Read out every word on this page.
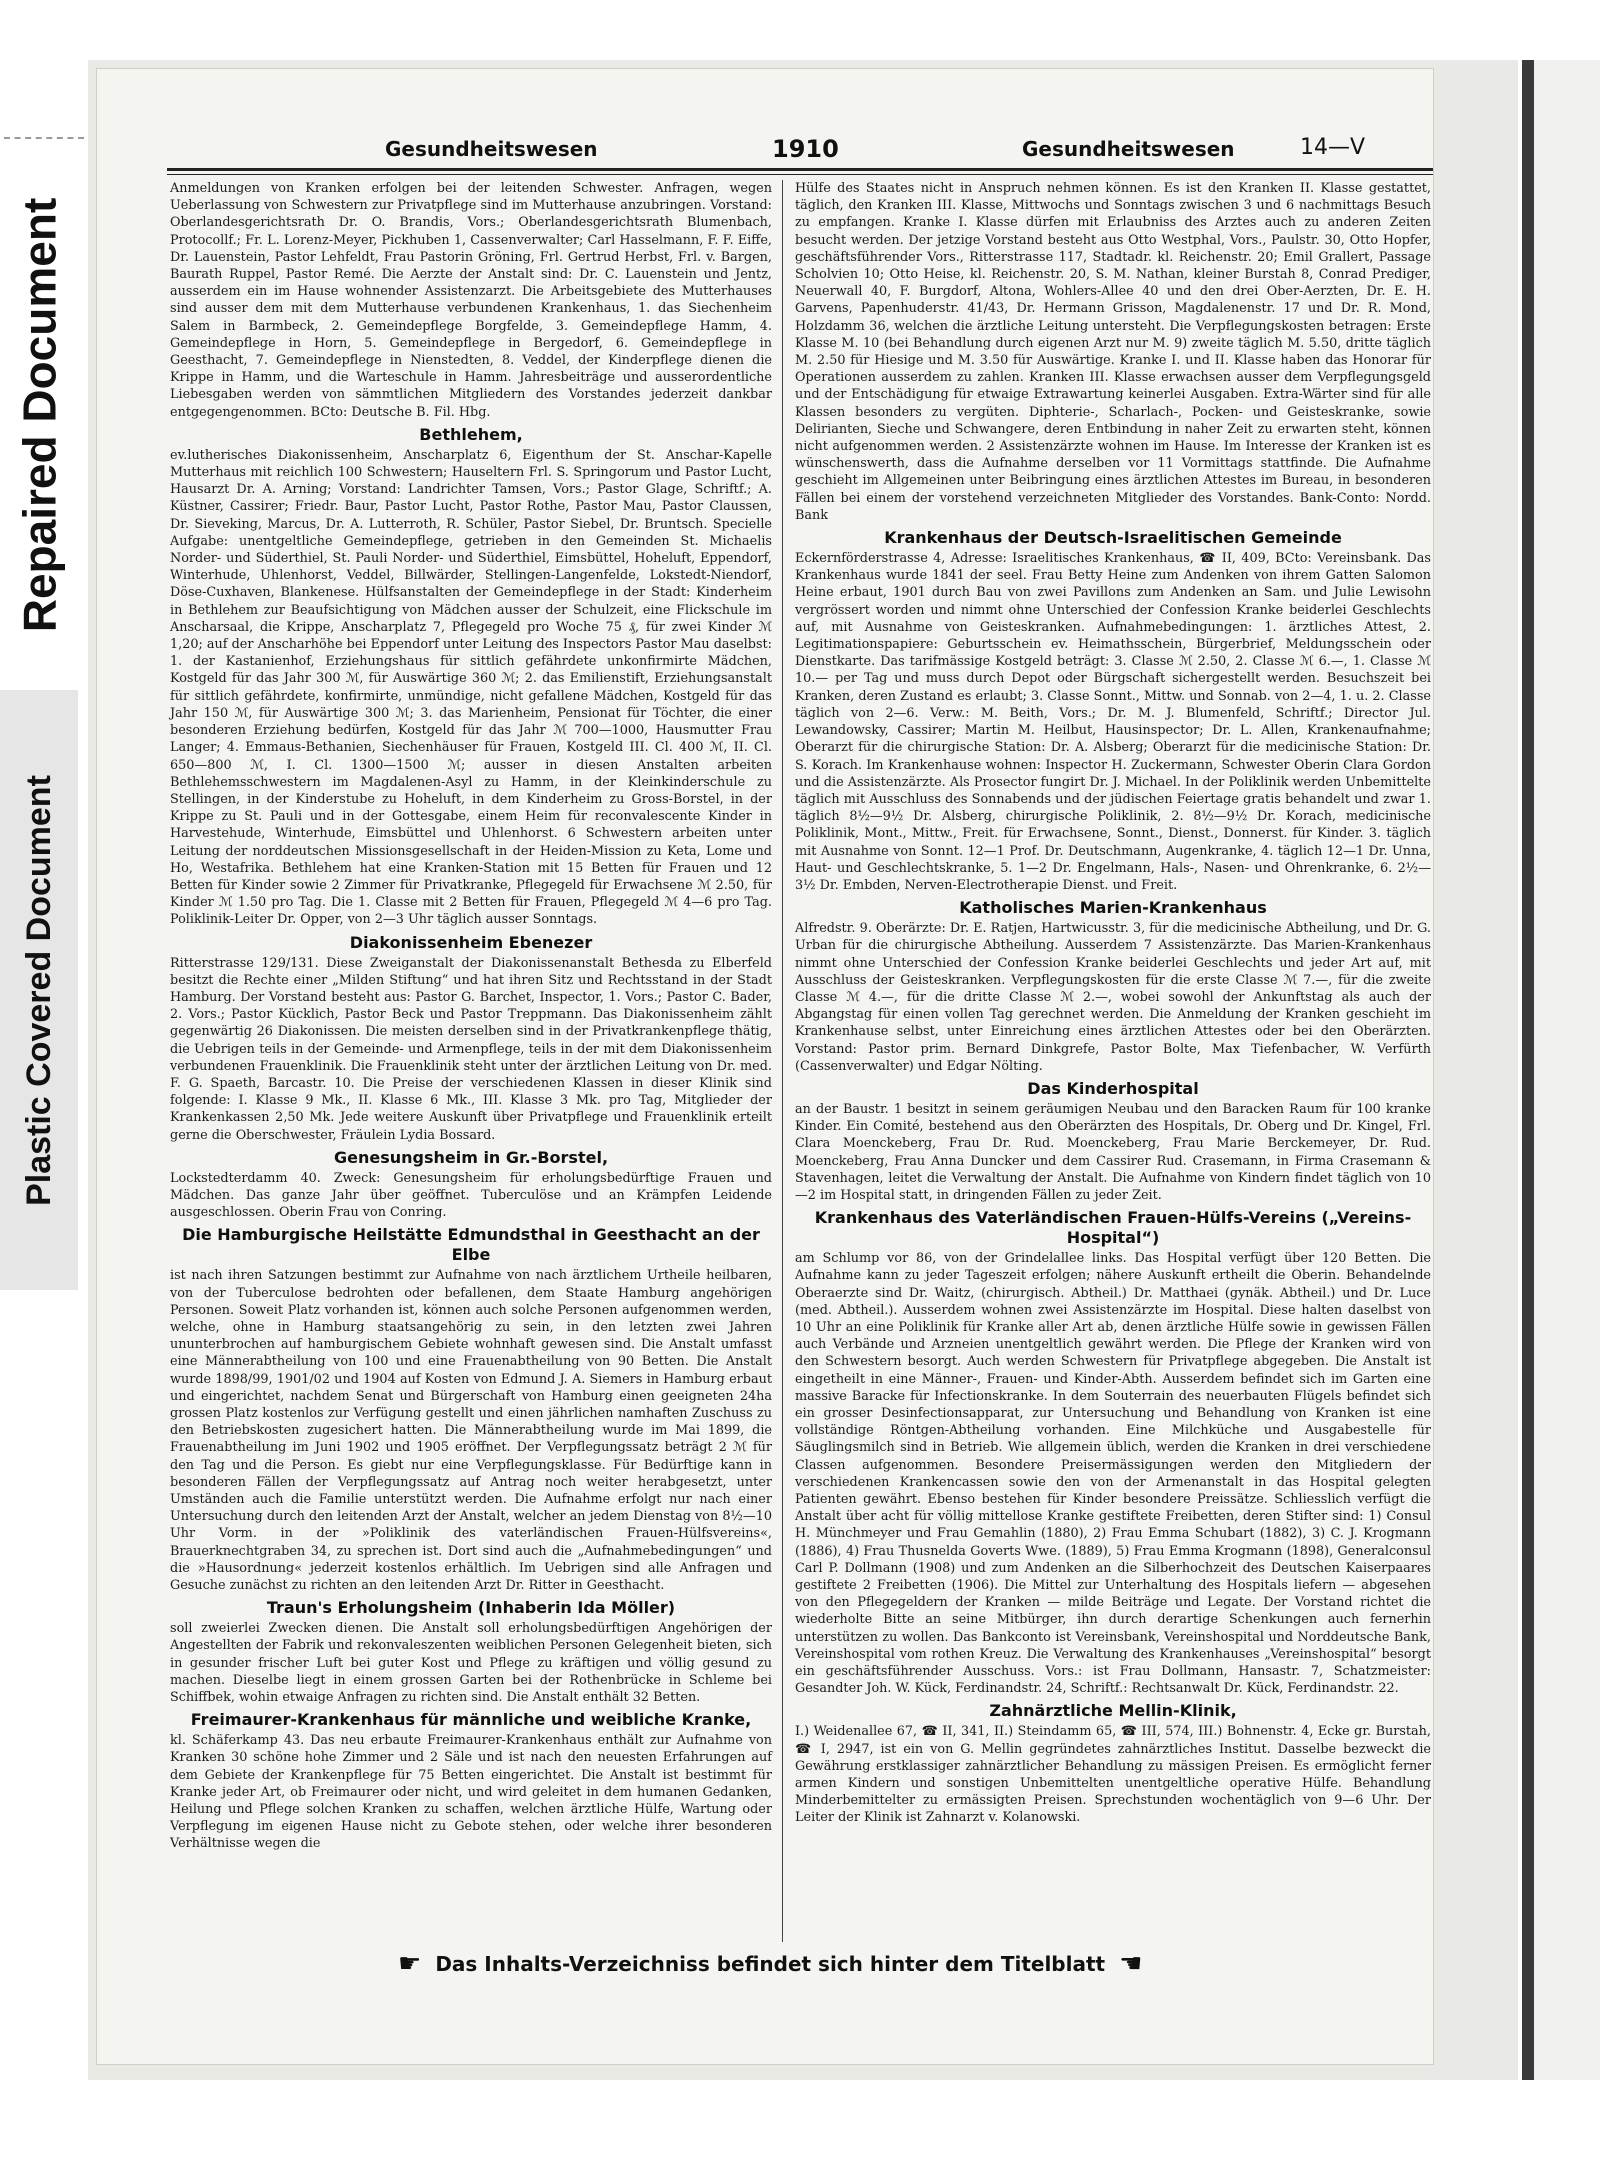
Repaired Document
Plastic Covered Document
Gesundheitswesen	1910	Gesundheitswesen	14—V

Anmeldungen von Kranken erfolgen bei der leitenden Schwester. Anfragen, wegen Ueberlassung von Schwestern zur Privatpflege sind im Mutterhause anzubringen. Vorstand: Oberlandesgerichtsrath Dr. O. Brandis, Vors.; Oberlandesgerichtsrath Blumenbach, Protocollf.; Fr. L. Lorenz-Meyer, Pickhuben 1, Cassenverwalter; Carl Hasselmann, F. F. Eiffe, Dr. Lauenstein, Pastor Lehfeldt, Frau Pastorin Gröning, Frl. Gertrud Herbst, Frl. v. Bargen, Baurath Ruppel, Pastor Remé. Die Aerzte der Anstalt sind: Dr. C. Lauenstein und Jentz, ausserdem ein im Hause wohnender Assistenzarzt. Die Arbeitsgebiete des Mutterhauses sind ausser dem mit dem Mutterhause verbundenen Krankenhaus, 1. das Siechenheim Salem in Barmbeck, 2. Gemeindepflege Borgfelde, 3. Gemeindepflege Hamm, 4. Gemeindepflege in Horn, 5. Gemeindepflege in Bergedorf, 6. Gemeindepflege in Geesthacht, 7. Gemeindepflege in Nienstedten, 8. Veddel, der Kinderpflege dienen die Krippe in Hamm, und die Warteschule in Hamm. Jahresbeiträge und ausserordentliche Liebesgaben werden von sämmtlichen Mitgliedern des Vorstandes jederzeit dankbar entgegengenommen. BCto: Deutsche B. Fil. Hbg.

Bethlehem,

ev.lutherisches Diakonissenheim, Anscharplatz 6, Eigenthum der St. Anschar-Kapelle Mutterhaus mit reichlich 100 Schwestern; Hauseltern Frl. S. Springorum und Pastor Lucht, Hausarzt Dr. A. Arning; Vorstand: Landrichter Tamsen, Vors.; Pastor Glage, Schriftf.; A. Küstner, Cassirer; Friedr. Baur, Pastor Lucht, Pastor Rothe, Pastor Mau, Pastor Claussen, Dr. Sieveking, Marcus, Dr. A. Lutterroth, R. Schüler, Pastor Siebel, Dr. Bruntsch. Specielle Aufgabe: unentgeltliche Gemeindepflege, getrieben in den Gemeinden St. Michaelis Norder- und Süderthiel, St. Pauli Norder- und Süderthiel, Eimsbüttel, Hoheluft, Eppendorf, Winterhude, Uhlenhorst, Veddel, Billwärder, Stellingen-Langenfelde, Lokstedt-Niendorf, Döse-Cuxhaven, Blankenese. Hülfsanstalten der Gemeindepflege in der Stadt: Kinderheim in Bethlehem zur Beaufsichtigung von Mädchen ausser der Schulzeit, eine Flickschule im Anscharsaal, die Krippe, Anscharplatz 7, Pflegegeld pro Woche 75 ₰, für zwei Kinder ℳ 1,20; auf der Anscharhöhe bei Eppendorf unter Leitung des Inspectors Pastor Mau daselbst: 1. der Kastanienhof, Erziehungshaus für sittlich gefährdete unkonfirmirte Mädchen, Kostgeld für das Jahr 300 ℳ, für Auswärtige 360 ℳ; 2. das Emilienstift, Erziehungsanstalt für sittlich gefährdete, konfirmirte, unmündige, nicht gefallene Mädchen, Kostgeld für das Jahr 150 ℳ, für Auswärtige 300 ℳ; 3. das Marienheim, Pensionat für Töchter, die einer besonderen Erziehung bedürfen, Kostgeld für das Jahr ℳ 700—1000, Hausmutter Frau Langer; 4. Emmaus-Bethanien, Siechenhäuser für Frauen, Kostgeld III. Cl. 400 ℳ, II. Cl. 650—800 ℳ, I. Cl. 1300—1500 ℳ; ausser in diesen Anstalten arbeiten Bethlehemsschwestern im Magdalenen-Asyl zu Hamm, in der Kleinkinderschule zu Stellingen, in der Kinderstube zu Hoheluft, in dem Kinderheim zu Gross-Borstel, in der Krippe zu St. Pauli und in der Gottesgabe, einem Heim für reconvalescente Kinder in Harvestehude, Winterhude, Eimsbüttel und Uhlenhorst. 6 Schwestern arbeiten unter Leitung der norddeutschen Missionsgesellschaft in der Heiden-Mission zu Keta, Lome und Ho, Westafrika. Bethlehem hat eine Kranken-Station mit 15 Betten für Frauen und 12 Betten für Kinder sowie 2 Zimmer für Privatkranke, Pflegegeld für Erwachsene ℳ 2.50, für Kinder ℳ 1.50 pro Tag. Die 1. Classe mit 2 Betten für Frauen, Pflegegeld ℳ 4—6 pro Tag. Poliklinik-Leiter Dr. Opper, von 2—3 Uhr täglich ausser Sonntags.

Diakonissenheim Ebenezer

Ritterstrasse 129/131. Diese Zweiganstalt der Diakonissenanstalt Bethesda zu Elberfeld besitzt die Rechte einer „Milden Stiftung“ und hat ihren Sitz und Rechtsstand in der Stadt Hamburg. Der Vorstand besteht aus: Pastor G. Barchet, Inspector, 1. Vors.; Pastor C. Bader, 2. Vors.; Pastor Kücklich, Pastor Beck und Pastor Treppmann. Das Diakonissenheim zählt gegenwärtig 26 Diakonissen. Die meisten derselben sind in der Privatkrankenpflege thätig, die Uebrigen teils in der Gemeinde- und Armenpflege, teils in der mit dem Diakonissenheim verbundenen Frauenklinik. Die Frauenklinik steht unter der ärztlichen Leitung von Dr. med. F. G. Spaeth, Barcastr. 10. Die Preise der verschiedenen Klassen in dieser Klinik sind folgende: I. Klasse 9 Mk., II. Klasse 6 Mk., III. Klasse 3 Mk. pro Tag, Mitglieder der Krankenkassen 2,50 Mk. Jede weitere Auskunft über Privatpflege und Frauenklinik erteilt gerne die Oberschwester, Fräulein Lydia Bossard.

Genesungsheim in Gr.-Borstel,

Lockstedterdamm 40. Zweck: Genesungsheim für erholungsbedürftige Frauen und Mädchen. Das ganze Jahr über geöffnet. Tuberculöse und an Krämpfen Leidende ausgeschlossen. Oberin Frau von Conring.

Die Hamburgische Heilstätte Edmundsthal in Geesthacht an der Elbe

ist nach ihren Satzungen bestimmt zur Aufnahme von nach ärztlichem Urtheile heilbaren, von der Tuberculose bedrohten oder befallenen, dem Staate Hamburg angehörigen Personen. Soweit Platz vorhanden ist, können auch solche Personen aufgenommen werden, welche, ohne in Hamburg staatsangehörig zu sein, in den letzten zwei Jahren ununterbrochen auf hamburgischem Gebiete wohnhaft gewesen sind. Die Anstalt umfasst eine Männerabtheilung von 100 und eine Frauenabtheilung von 90 Betten. Die Anstalt wurde 1898/99, 1901/02 und 1904 auf Kosten von Edmund J. A. Siemers in Hamburg erbaut und eingerichtet, nachdem Senat und Bürgerschaft von Hamburg einen geeigneten 24ha grossen Platz kostenlos zur Verfügung gestellt und einen jährlichen namhaften Zuschuss zu den Betriebskosten zugesichert hatten. Die Männerabtheilung wurde im Mai 1899, die Frauenabtheilung im Juni 1902 und 1905 eröffnet. Der Verpflegungssatz beträgt 2 ℳ für den Tag und die Person. Es giebt nur eine Verpflegungsklasse. Für Bedürftige kann in besonderen Fällen der Verpflegungssatz auf Antrag noch weiter herabgesetzt, unter Umständen auch die Familie unterstützt werden. Die Aufnahme erfolgt nur nach einer Untersuchung durch den leitenden Arzt der Anstalt, welcher an jedem Dienstag von 8½—10 Uhr Vorm. in der »Poliklinik des vaterländischen Frauen-Hülfsvereins«, Brauerknechtgraben 34, zu sprechen ist. Dort sind auch die „Aufnahmebedingungen“ und die »Hausordnung« jederzeit kostenlos erhältlich. Im Uebrigen sind alle Anfragen und Gesuche zunächst zu richten an den leitenden Arzt Dr. Ritter in Geesthacht.

Traun's Erholungsheim (Inhaberin Ida Möller)

soll zweierlei Zwecken dienen. Die Anstalt soll erholungsbedürftigen Angehörigen der Angestellten der Fabrik und rekonvaleszenten weiblichen Personen Gelegenheit bieten, sich in gesunder frischer Luft bei guter Kost und Pflege zu kräftigen und völlig gesund zu machen. Dieselbe liegt in einem grossen Garten bei der Rothenbrücke in Schleme bei Schiffbek, wohin etwaige Anfragen zu richten sind. Die Anstalt enthält 32 Betten.

Freimaurer-Krankenhaus für männliche und weibliche Kranke,

kl. Schäferkamp 43. Das neu erbaute Freimaurer-Krankenhaus enthält zur Aufnahme von Kranken 30 schöne hohe Zimmer und 2 Säle und ist nach den neuesten Erfahrungen auf dem Gebiete der Krankenpflege für 75 Betten eingerichtet. Die Anstalt ist bestimmt für Kranke jeder Art, ob Freimaurer oder nicht, und wird geleitet in dem humanen Gedanken, Heilung und Pflege solchen Kranken zu schaffen, welchen ärztliche Hülfe, Wartung oder Verpflegung im eigenen Hause nicht zu Gebote stehen, oder welche ihrer besonderen Verhältnisse wegen die

Hülfe des Staates nicht in Anspruch nehmen können. Es ist den Kranken II. Klasse gestattet, täglich, den Kranken III. Klasse, Mittwochs und Sonntags zwischen 3 und 6 nachmittags Besuch zu empfangen. Kranke I. Klasse dürfen mit Erlaubniss des Arztes auch zu anderen Zeiten besucht werden. Der jetzige Vorstand besteht aus Otto Westphal, Vors., Paulstr. 30, Otto Hopfer, geschäftsführender Vors., Ritterstrasse 117, Stadtadr. kl. Reichenstr. 20; Emil Grallert, Passage Scholvien 10; Otto Heise, kl. Reichenstr. 20, S. M. Nathan, kleiner Burstah 8, Conrad Prediger, Neuerwall 40, F. Burgdorf, Altona, Wohlers-Allee 40 und den drei Ober-Aerzten, Dr. E. H. Garvens, Papenhuderstr. 41/43, Dr. Hermann Grisson, Magdalenenstr. 17 und Dr. R. Mond, Holzdamm 36, welchen die ärztliche Leitung untersteht. Die Verpflegungskosten betragen: Erste Klasse M. 10 (bei Behandlung durch eigenen Arzt nur M. 9) zweite täglich M. 5.50, dritte täglich M. 2.50 für Hiesige und M. 3.50 für Auswärtige. Kranke I. und II. Klasse haben das Honorar für Operationen ausserdem zu zahlen. Kranken III. Klasse erwachsen ausser dem Verpflegungsgeld und der Entschädigung für etwaige Extrawartung keinerlei Ausgaben. Extra-Wärter sind für alle Klassen besonders zu vergüten. Diphterie-, Scharlach-, Pocken- und Geisteskranke, sowie Delirianten, Sieche und Schwangere, deren Entbindung in naher Zeit zu erwarten steht, können nicht aufgenommen werden. 2 Assistenzärzte wohnen im Hause. Im Interesse der Kranken ist es wünschenswerth, dass die Aufnahme derselben vor 11 Vormittags stattfinde. Die Aufnahme geschieht im Allgemeinen unter Beibringung eines ärztlichen Attestes im Bureau, in besonderen Fällen bei einem der vorstehend verzeichneten Mitglieder des Vorstandes. Bank-Conto: Nordd. Bank

Krankenhaus der Deutsch-Israelitischen Gemeinde

Eckernförderstrasse 4, Adresse: Israelitisches Krankenhaus, ☎ II, 409, BCto: Vereinsbank. Das Krankenhaus wurde 1841 der seel. Frau Betty Heine zum Andenken von ihrem Gatten Salomon Heine erbaut, 1901 durch Bau von zwei Pavillons zum Andenken an Sam. und Julie Lewisohn vergrössert worden und nimmt ohne Unterschied der Confession Kranke beiderlei Geschlechts auf, mit Ausnahme von Geisteskranken. Aufnahmebedingungen: 1. ärztliches Attest, 2. Legitimationspapiere: Geburtsschein ev. Heimathsschein, Bürgerbrief, Meldungsschein oder Dienstkarte. Das tarifmässige Kostgeld beträgt: 3. Classe ℳ 2.50, 2. Classe ℳ 6.—, 1. Classe ℳ 10.— per Tag und muss durch Depot oder Bürgschaft sichergestellt werden. Besuchszeit bei Kranken, deren Zustand es erlaubt; 3. Classe Sonnt., Mittw. und Sonnab. von 2—4, 1. u. 2. Classe täglich von 2—6. Verw.: M. Beith, Vors.; Dr. M. J. Blumenfeld, Schriftf.; Director Jul. Lewandowsky, Cassirer; Martin M. Heilbut, Hausinspector; Dr. L. Allen, Krankenaufnahme; Oberarzt für die chirurgische Station: Dr. A. Alsberg; Oberarzt für die medicinische Station: Dr. S. Korach. Im Krankenhause wohnen: Inspector H. Zuckermann, Schwester Oberin Clara Gordon und die Assistenzärzte. Als Prosector fungirt Dr. J. Michael. In der Poliklinik werden Unbemittelte täglich mit Ausschluss des Sonnabends und der jüdischen Feiertage gratis behandelt und zwar 1. täglich 8½—9½ Dr. Alsberg, chirurgische Poliklinik, 2. 8½—9½ Dr. Korach, medicinische Poliklinik, Mont., Mittw., Freit. für Erwachsene, Sonnt., Dienst., Donnerst. für Kinder. 3. täglich mit Ausnahme von Sonnt. 12—1 Prof. Dr. Deutschmann, Augenkranke, 4. täglich 12—1 Dr. Unna, Haut- und Geschlechtskranke, 5. 1—2 Dr. Engelmann, Hals-, Nasen- und Ohrenkranke, 6. 2½—3½ Dr. Embden, Nerven-Electrotherapie Dienst. und Freit.

Katholisches Marien-Krankenhaus

Alfredstr. 9. Oberärzte: Dr. E. Ratjen, Hartwicusstr. 3, für die medicinische Abtheilung, und Dr. G. Urban für die chirurgische Abtheilung. Ausserdem 7 Assistenzärzte. Das Marien-Krankenhaus nimmt ohne Unterschied der Confession Kranke beiderlei Geschlechts und jeder Art auf, mit Ausschluss der Geisteskranken. Verpflegungskosten für die erste Classe ℳ 7.—, für die zweite Classe ℳ 4.—, für die dritte Classe ℳ 2.—, wobei sowohl der Ankunftstag als auch der Abgangstag für einen vollen Tag gerechnet werden. Die Anmeldung der Kranken geschieht im Krankenhause selbst, unter Einreichung eines ärztlichen Attestes oder bei den Oberärzten. Vorstand: Pastor prim. Bernard Dinkgrefe, Pastor Bolte, Max Tiefenbacher, W. Verfürth (Cassenverwalter) und Edgar Nölting.

Das Kinderhospital

an der Baustr. 1 besitzt in seinem geräumigen Neubau und den Baracken Raum für 100 kranke Kinder. Ein Comité, bestehend aus den Oberärzten des Hospitals, Dr. Oberg und Dr. Kingel, Frl. Clara Moenckeberg, Frau Dr. Rud. Moenckeberg, Frau Marie Berckemeyer, Dr. Rud. Moenckeberg, Frau Anna Duncker und dem Cassirer Rud. Crasemann, in Firma Crasemann & Stavenhagen, leitet die Verwaltung der Anstalt. Die Aufnahme von Kindern findet täglich von 10—2 im Hospital statt, in dringenden Fällen zu jeder Zeit.

Krankenhaus des Vaterländischen Frauen-Hülfs-Vereins („Vereins-Hospital“)

am Schlump vor 86, von der Grindelallee links. Das Hospital verfügt über 120 Betten. Die Aufnahme kann zu jeder Tageszeit erfolgen; nähere Auskunft ertheilt die Oberin. Behandelnde Oberaerzte sind Dr. Waitz, (chirurgisch. Abtheil.) Dr. Matthaei (gynäk. Abtheil.) und Dr. Luce (med. Abtheil.). Ausserdem wohnen zwei Assistenzärzte im Hospital. Diese halten daselbst von 10 Uhr an eine Poliklinik für Kranke aller Art ab, denen ärztliche Hülfe sowie in gewissen Fällen auch Verbände und Arzneien unentgeltlich gewährt werden. Die Pflege der Kranken wird von den Schwestern besorgt. Auch werden Schwestern für Privatpflege abgegeben. Die Anstalt ist eingetheilt in eine Männer-, Frauen- und Kinder-Abth. Ausserdem befindet sich im Garten eine massive Baracke für Infectionskranke. In dem Souterrain des neuerbauten Flügels befindet sich ein grosser Desinfectionsapparat, zur Untersuchung und Behandlung von Kranken ist eine vollständige Röntgen-Abtheilung vorhanden. Eine Milchküche und Ausgabestelle für Säuglingsmilch sind in Betrieb. Wie allgemein üblich, werden die Kranken in drei verschiedene Classen aufgenommen. Besondere Preisermässigungen werden den Mitgliedern der verschiedenen Krankencassen sowie den von der Armenanstalt in das Hospital gelegten Patienten gewährt. Ebenso bestehen für Kinder besondere Preissätze. Schliesslich verfügt die Anstalt über acht für völlig mittellose Kranke gestiftete Freibetten, deren Stifter sind: 1) Consul H. Münchmeyer und Frau Gemahlin (1880), 2) Frau Emma Schubart (1882), 3) C. J. Krogmann (1886), 4) Frau Thusnelda Goverts Wwe. (1889), 5) Frau Emma Krogmann (1898), Generalconsul Carl P. Dollmann (1908) und zum Andenken an die Silberhochzeit des Deutschen Kaiserpaares gestiftete 2 Freibetten (1906). Die Mittel zur Unterhaltung des Hospitals liefern — abgesehen von den Pflegegeldern der Kranken — milde Beiträge und Legate. Der Vorstand richtet die wiederholte Bitte an seine Mitbürger, ihn durch derartige Schenkungen auch fernerhin unterstützen zu wollen. Das Bankconto ist Vereinsbank, Vereinshospital und Norddeutsche Bank, Vereinshospital vom rothen Kreuz. Die Verwaltung des Krankenhauses „Vereinshospital“ besorgt ein geschäftsführender Ausschuss. Vors.: ist Frau Dollmann, Hansastr. 7, Schatzmeister: Gesandter Joh. W. Kück, Ferdinandstr. 24, Schriftf.: Rechtsanwalt Dr. Kück, Ferdinandstr. 22.

Zahnärztliche Mellin-Klinik,

I.) Weidenallee 67, ☎ II, 341, II.) Steindamm 65, ☎ III, 574, III.) Bohnenstr. 4, Ecke gr. Burstah, ☎ I, 2947, ist ein von G. Mellin gegründetes zahnärztliches Institut. Dasselbe bezweckt die Gewährung erstklassiger zahnärztlicher Behandlung zu mässigen Preisen. Es ermöglicht ferner armen Kindern und sonstigen Unbemittelten unentgeltliche operative Hülfe. Behandlung Minderbemittelter zu ermässigten Preisen. Sprechstunden wochentäglich von 9—6 Uhr. Der Leiter der Klinik ist Zahnarzt v. Kolanowski.

☛ Das Inhalts-Verzeichniss befindet sich hinter dem Titelblatt ☚
